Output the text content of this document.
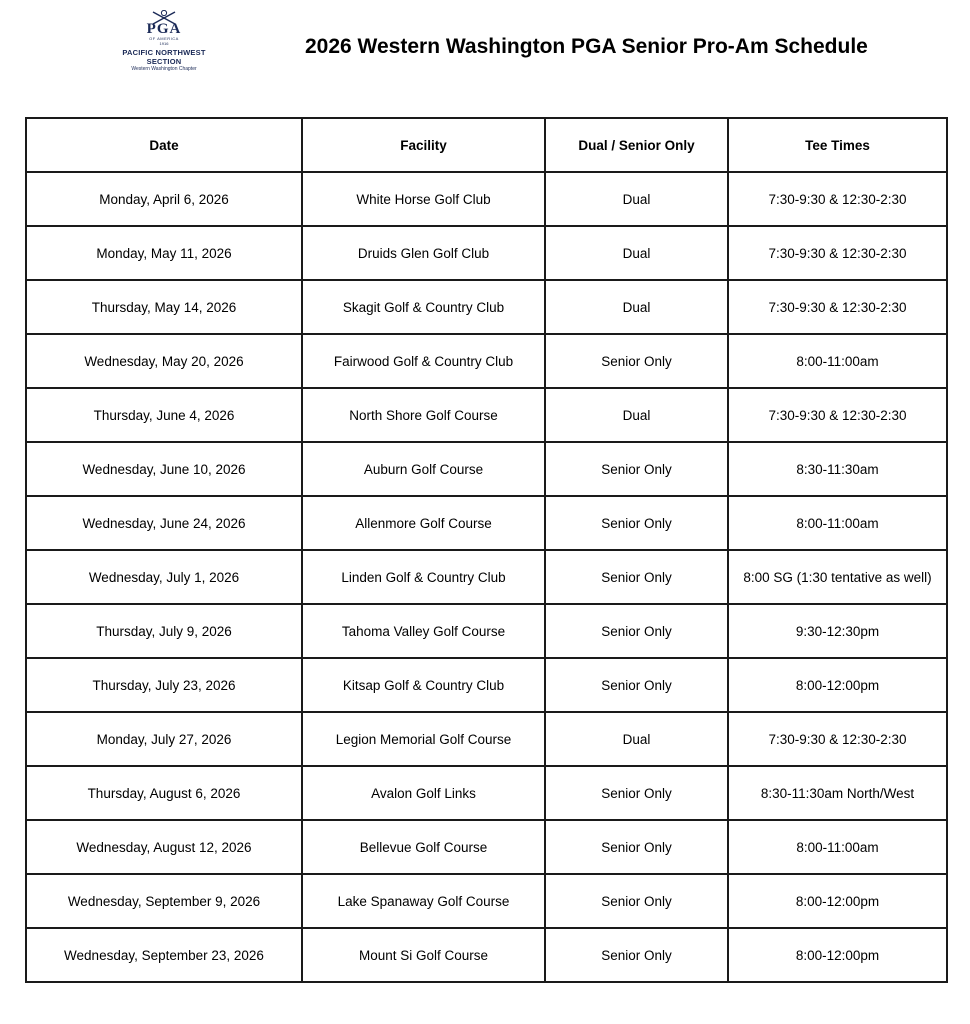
PGA
OF AMERICA
1916
PACIFIC NORTHWEST
SECTION
Western Washington Chapter
2026 Western Washington PGA Senior Pro-Am Schedule
Date	Facility	Dual / Senior Only	Tee Times
Monday, April 6, 2026	White Horse Golf Club	Dual	7:30-9:30 & 12:30-2:30
Monday, May 11, 2026	Druids Glen Golf Club	Dual	7:30-9:30 & 12:30-2:30
Thursday, May 14, 2026	Skagit Golf & Country Club	Dual	7:30-9:30 & 12:30-2:30
Wednesday, May 20, 2026	Fairwood Golf & Country Club	Senior Only	8:00-11:00am
Thursday, June 4, 2026	North Shore Golf Course	Dual	7:30-9:30 & 12:30-2:30
Wednesday, June 10, 2026	Auburn Golf Course	Senior Only	8:30-11:30am
Wednesday, June 24, 2026	Allenmore Golf Course	Senior Only	8:00-11:00am
Wednesday, July 1, 2026	Linden Golf & Country Club	Senior Only	8:00 SG (1:30 tentative as well)
Thursday, July 9, 2026	Tahoma Valley Golf Course	Senior Only	9:30-12:30pm
Thursday, July 23, 2026	Kitsap Golf & Country Club	Senior Only	8:00-12:00pm
Monday, July 27, 2026	Legion Memorial Golf Course	Dual	7:30-9:30 & 12:30-2:30
Thursday, August 6, 2026	Avalon Golf Links	Senior Only	8:30-11:30am North/West
Wednesday, August 12, 2026	Bellevue Golf Course	Senior Only	8:00-11:00am
Wednesday, September 9, 2026	Lake Spanaway Golf Course	Senior Only	8:00-12:00pm
Wednesday, September 23, 2026	Mount Si Golf Course	Senior Only	8:00-12:00pm
